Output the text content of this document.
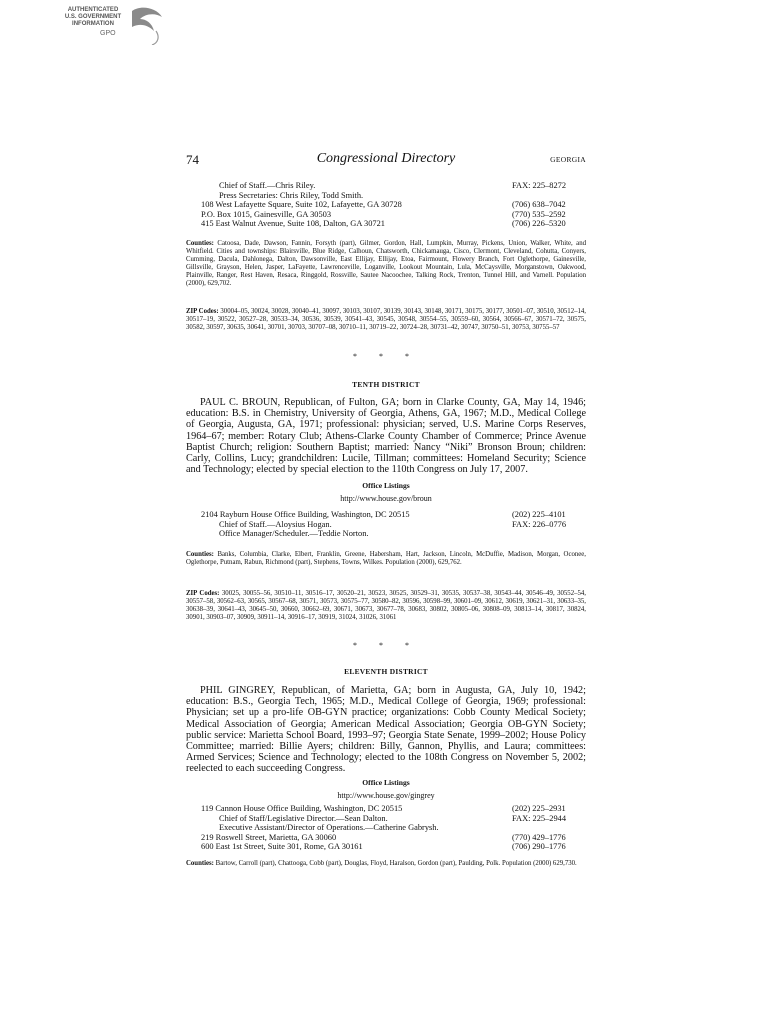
AUTHENTICATED
U.S. GOVERNMENT
INFORMATION
GPO
74	Congressional Directory	GEORGIA
Chief of Staff.—Chris Riley.	FAX: 225–8272
Press Secretaries: Chris Riley, Todd Smith.
108 West Lafayette Square, Suite 102, Lafayette, GA 30728	(706) 638–7042
P.O. Box 1015, Gainesville, GA 30503	(770) 535–2592
415 East Walnut Avenue, Suite 108, Dalton, GA 30721	(706) 226–5320
Counties: Catoosa, Dade, Dawson, Fannin, Forsyth (part), Gilmer, Gordon, Hall, Lumpkin, Murray, Pickens, Union, Walker, White, and Whitfield. Cities and townships: Blairsville, Blue Ridge, Calhoun, Chatsworth, Chickamauga, Cisco, Clermont, Cleveland, Cohutta, Conyers, Cumming, Dacula, Dahlonega, Dalton, Dawsonville, East Ellijay, Ellijay, Etoa, Fairmount, Flowery Branch, Fort Oglethorpe, Gainesville, Gillsville, Grayson, Helen, Jasper, LaFayette, Lawrenceville, Loganville, Lookout Mountain, Lula, McCaysville, Morganstown, Oakwood, Plainville, Ranger, Rest Haven, Resaca, Ringgold, Rossville, Sautee Nacoochee, Talking Rock, Trenton, Tunnel Hill, and Varnell. Population (2000), 629,702.
ZIP Codes: 30004–05, 30024, 30028, 30040–41, 30097, 30103, 30107, 30139, 30143, 30148, 30171, 30175, 30177, 30501–07, 30510, 30512–14, 30517–19, 30522, 30527–28, 30533–34, 30536, 30539, 30541–43, 30545, 30548, 30554–55, 30559–60, 30564, 30566–67, 30571–72, 30575, 30582, 30597, 30635, 30641, 30701, 30703, 30707–08, 30710–11, 30719–22, 30724–28, 30731–42, 30747, 30750–51, 30753, 30755–57
* * *
TENTH DISTRICT
PAUL C. BROUN, Republican, of Fulton, GA; born in Clarke County, GA, May 14, 1946; education: B.S. in Chemistry, University of Georgia, Athens, GA, 1967; M.D., Medical College of Georgia, Augusta, GA, 1971; professional: physician; served, U.S. Marine Corps Reserves, 1964–67; member: Rotary Club; Athens-Clarke County Chamber of Commerce; Prince Avenue Baptist Church; religion: Southern Baptist; married: Nancy “Niki” Bronson Broun; children: Carly, Collins, Lucy; grandchildren: Lucile, Tillman; committees: Homeland Security; Science and Technology; elected by special election to the 110th Congress on July 17, 2007.
Office Listings
http://www.house.gov/broun
2104 Rayburn House Office Building, Washington, DC 20515	(202) 225–4101
Chief of Staff.—Aloysius Hogan.	FAX: 226–0776
Office Manager/Scheduler.—Teddie Norton.
Counties: Banks, Columbia, Clarke, Elbert, Franklin, Greene, Habersham, Hart, Jackson, Lincoln, McDuffie, Madison, Morgan, Oconee, Oglethorpe, Putnam, Rabun, Richmond (part), Stephens, Towns, Wilkes. Population (2000), 629,762.
ZIP Codes: 30025, 30055–56, 30510–11, 30516–17, 30520–21, 30523, 30525, 30529–31, 30535, 30537–38, 30543–44, 30546–49, 30552–54, 30557–58, 30562–63, 30565, 30567–68, 30571, 30573, 30575–77, 30580–82, 30596, 30598–99, 30601–09, 30612, 30619, 30621–31, 30633–35, 30638–39, 30641–43, 30645–50, 30660, 30662–69, 30671, 30673, 30677–78, 30683, 30802, 30805–06, 30808–09, 30813–14, 30817, 30824, 30901, 30903–07, 30909, 30911–14, 30916–17, 30919, 31024, 31026, 31061
* * *
ELEVENTH DISTRICT
PHIL GINGREY, Republican, of Marietta, GA; born in Augusta, GA, July 10, 1942; education: B.S., Georgia Tech, 1965; M.D., Medical College of Georgia, 1969; professional: Physician; set up a pro-life OB-GYN practice; organizations: Cobb County Medical Society; Medical Association of Georgia; American Medical Association; Georgia OB-GYN Society; public service: Marietta School Board, 1993–97; Georgia State Senate, 1999–2002; House Policy Committee; married: Billie Ayers; children: Billy, Gannon, Phyllis, and Laura; committees: Armed Services; Science and Technology; elected to the 108th Congress on November 5, 2002; reelected to each succeeding Congress.
Office Listings
http://www.house.gov/gingrey
119 Cannon House Office Building, Washington, DC 20515	(202) 225–2931
Chief of Staff/Legislative Director.—Sean Dalton.	FAX: 225–2944
Executive Assistant/Director of Operations.—Catherine Gabrysh.
219 Roswell Street, Marietta, GA 30060	(770) 429–1776
600 East 1st Street, Suite 301, Rome, GA 30161	(706) 290–1776
Counties: Bartow, Carroll (part), Chattooga, Cobb (part), Douglas, Floyd, Haralson, Gordon (part), Paulding, Polk. Population (2000) 629,730.
